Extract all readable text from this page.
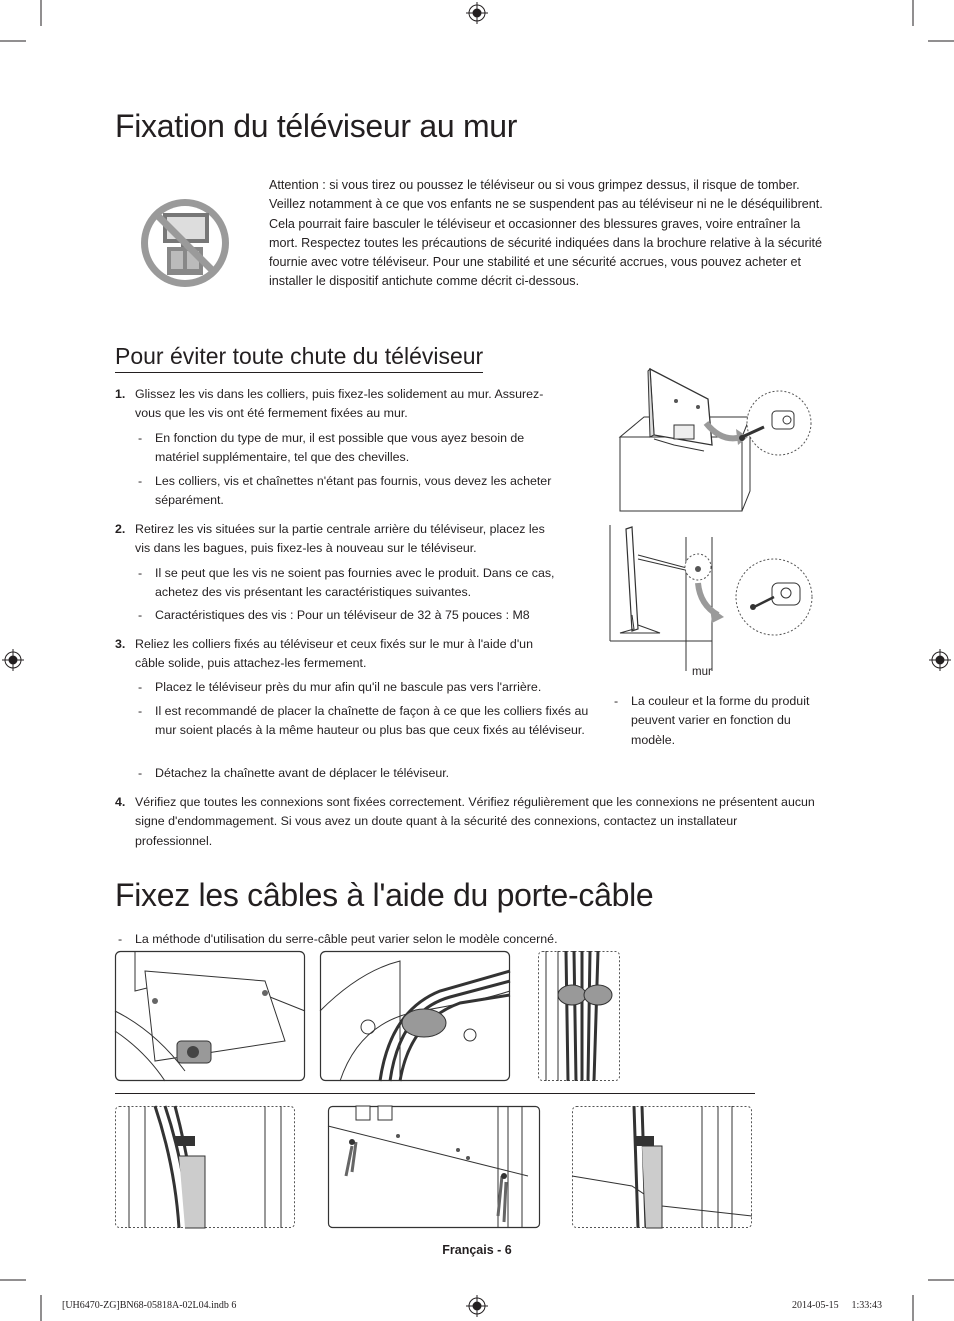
Fixation du téléviseur au mur
Attention : si vous tirez ou poussez le téléviseur ou si vous grimpez dessus, il risque de tomber. Veillez notamment à ce que vos enfants ne se suspendent pas au téléviseur ni ne le déséquilibrent. Cela pourrait faire basculer le téléviseur et occasionner des blessures graves, voire entraîner la mort. Respectez toutes les précautions de sécurité indiquées dans la brochure relative à la sécurité fournie avec votre téléviseur. Pour une stabilité et une sécurité accrues, vous pouvez acheter et installer le dispositif antichute comme décrit ci-dessous.
Pour éviter toute chute du téléviseur
1. Glissez les vis dans les colliers, puis fixez-les solidement au mur. Assurez-vous que les vis ont été fermement fixées au mur.
- En fonction du type de mur, il est possible que vous ayez besoin de matériel supplémentaire, tel que des chevilles.
- Les colliers, vis et chaînettes n'étant pas fournis, vous devez les acheter séparément.
2. Retirez les vis situées sur la partie centrale arrière du téléviseur, placez les vis dans les bagues, puis fixez-les à nouveau sur le téléviseur.
- Il se peut que les vis ne soient pas fournies avec le produit. Dans ce cas, achetez des vis présentant les caractéristiques suivantes.
- Caractéristiques des vis : Pour un téléviseur de 32 à 75 pouces : M8
3. Reliez les colliers fixés au téléviseur et ceux fixés sur le mur à l'aide d'un câble solide, puis attachez-les fermement.
- Placez le téléviseur près du mur afin qu'il ne bascule pas vers l'arrière.
- Il est recommandé de placer la chaînette de façon à ce que les colliers fixés au mur soient placés à la même hauteur ou plus bas que ceux fixés au téléviseur.
- Détachez la chaînette avant de déplacer le téléviseur.
4. Vérifiez que toutes les connexions sont fixées correctement. Vérifiez régulièrement que les connexions ne présentent aucun signe d'endommagement. Si vous avez un doute quant à la sécurité des connexions, contactez un installateur professionnel.
mur
- La couleur et la forme du produit peuvent varier en fonction du modèle.
Fixez les câbles à l'aide du porte-câble
- La méthode d'utilisation du serre-câble peut varier selon le modèle concerné.
Français - 6
[UH6470-ZG]BN68-05818A-02L04.indb 6	2014-05-15   1:33:43
